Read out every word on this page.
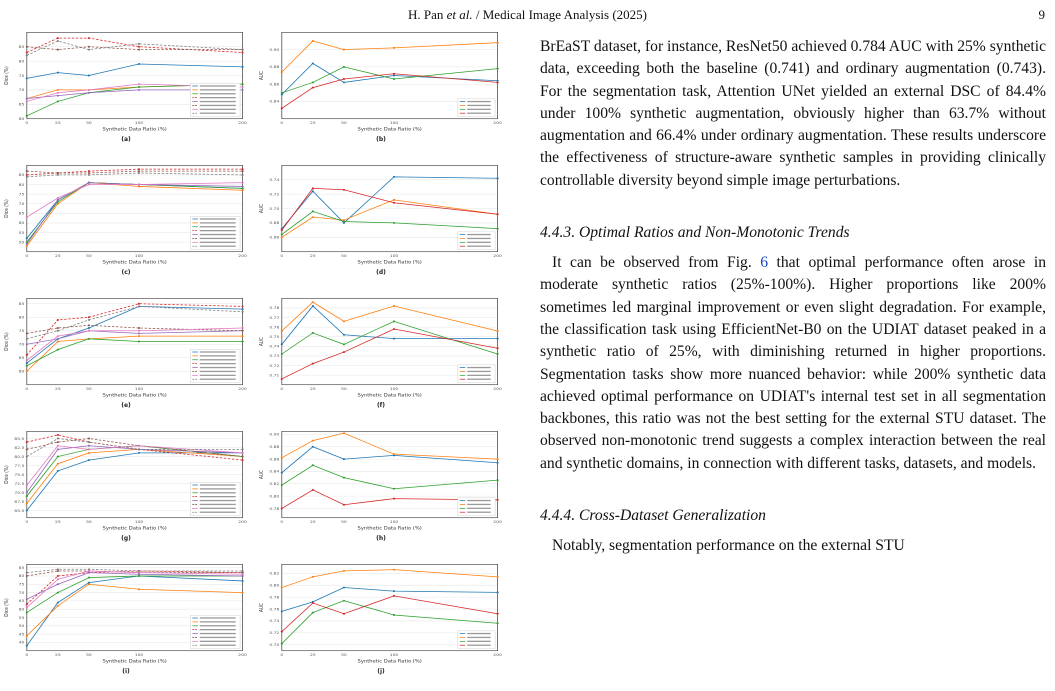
H. Pan et al. / Medical Image Analysis (2025)	9
60
65
70
75
80
85
0	25	50	100	200
Synthetic Data Ratio (%)
Dice (%)
(a)
0.84
0.86
0.88
0.90
0	25	50	100	200
Synthetic Data Ratio (%)
AUC
(b)
50
55
60
65
70
75
80
85
0	25	50	100	200
Synthetic Data Ratio (%)
Dice (%)
(c)
0.66
0.68
0.70
0.72
0.74
0	25	50	100	200
Synthetic Data Ratio (%)
AUC
(d)
60
65
70
75
80
85
0	25	50	100	200
Synthetic Data Ratio (%)
Dice (%)
(e)
0.71
0.72
0.73
0.74
0.75
0.76
0.77
0.78
0	25	50	100	200
Synthetic Data Ratio (%)
AUC
(f)
65.0
67.5
70.0
72.5
75.0
77.5
80.0
82.5
85.0
0	25	50	100	200
Synthetic Data Ratio (%)
Dice (%)
(g)
0.78
0.80
0.82
0.84
0.86
0.88
0.90
0	25	50	100	200
Synthetic Data Ratio (%)
AUC
(h)
40
45
50
55
60
65
70
75
80
85
0	25	50	100	200
Synthetic Data Ratio (%)
Dice (%)
(i)
0.70
0.72
0.74
0.76
0.78
0.80
0.82
0	25	50	100	200
Synthetic Data Ratio (%)
AUC
(j)

BrEaST dataset, for instance, ResNet50 achieved 0.784 AUC with 25% synthetic data, exceeding both the baseline (0.741) and ordinary augmentation (0.743). For the segmentation task, Attention UNet yielded an external DSC of 84.4% under 100% synthetic augmentation, obviously higher than 63.7% without augmentation and 66.4% under ordinary augmentation. These results underscore the effectiveness of structure-aware synthetic samples in providing clinically controllable diversity beyond simple image perturbations.

4.4.3. Optimal Ratios and Non-Monotonic Trends

It can be observed from Fig. 6 that optimal performance often arose in moderate synthetic ratios (25%-100%). Higher proportions like 200% sometimes led marginal improvement or even slight degradation. For example, the classification task using EfficientNet-B0 on the UDIAT dataset peaked in a synthetic ratio of 25%, with diminishing returned in higher proportions. Segmentation tasks show more nuanced behavior: while 200% synthetic data achieved optimal performance on UDIAT's internal test set in all segmentation backbones, this ratio was not the best setting for the external STU dataset. The observed non-monotonic trend suggests a complex interaction between the real and synthetic domains, in connection with different tasks, datasets, and models.

4.4.4. Cross-Dataset Generalization

Notably, segmentation performance on the external STU
